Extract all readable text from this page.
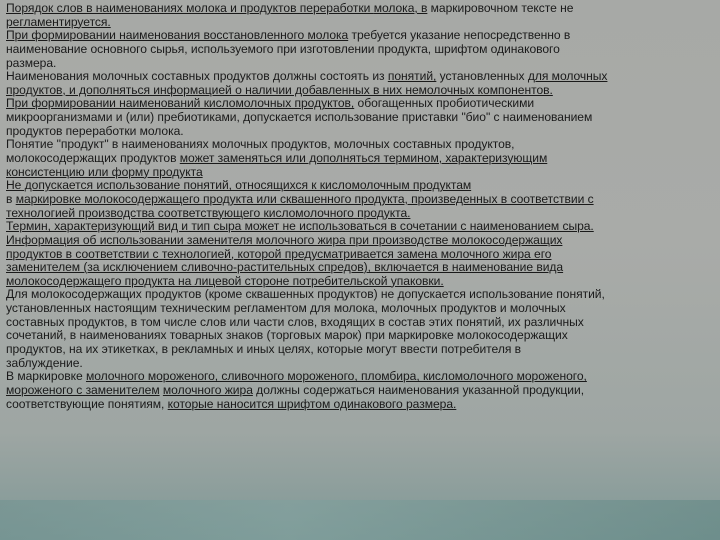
Порядок слов в наименованиях молока и продуктов переработки молока, в маркировочном тексте не
регламентируется.
При формировании наименования восстановленного молока требуется указание непосредственно в
наименование основного сырья, используемого при изготовлении продукта, шрифтом одинакового
размера.
Наименования молочных составных продуктов должны состоять из понятий, установленных для молочных
продуктов, и дополняться информацией о наличии добавленных в них немолочных компонентов.
При формировании наименований кисломолочных продуктов, обогащенных пробиотическими
микроорганизмами и (или) пребиотиками, допускается использование приставки "био" с наименованием
продуктов переработки молока.
Понятие "продукт" в наименованиях молочных продуктов, молочных составных продуктов,
молокосодержащих продуктов может заменяться или дополняться термином, характеризующим
консистенцию или форму продукта
Не допускается использование понятий, относящихся к кисломолочным продуктам
в маркировке молокосодержащего продукта или сквашенного продукта, произведенных в соответствии с
технологией производства соответствующего кисломолочного продукта.
Термин, характеризующий вид и тип сыра может не использоваться в сочетании с наименованием сыра.
Информация об использовании заменителя молочного жира при производстве молокосодержащих
продуктов в соответствии с технологией, которой предусматривается замена молочного жира его
заменителем (за исключением сливочно-растительных спредов), включается в наименование вида
молокосодержащего продукта на лицевой стороне потребительской упаковки.
Для молокосодержащих продуктов (кроме сквашенных продуктов) не допускается использование понятий,
установленных настоящим техническим регламентом для молока, молочных продуктов и молочных
составных продуктов, в том числе слов или части слов, входящих в состав этих понятий, их различных
сочетаний, в наименованиях товарных знаков (торговых марок) при маркировке молокосодержащих
продуктов, на их этикетках, в рекламных и иных целях, которые могут ввести потребителя в
заблуждение.
В маркировке молочного мороженого, сливочного мороженого, пломбира, кисломолочного мороженого,
мороженого с заменителем молочного жира должны содержаться наименования указанной продукции,
соответствующие понятиям, которые наносится шрифтом одинакового размера.
